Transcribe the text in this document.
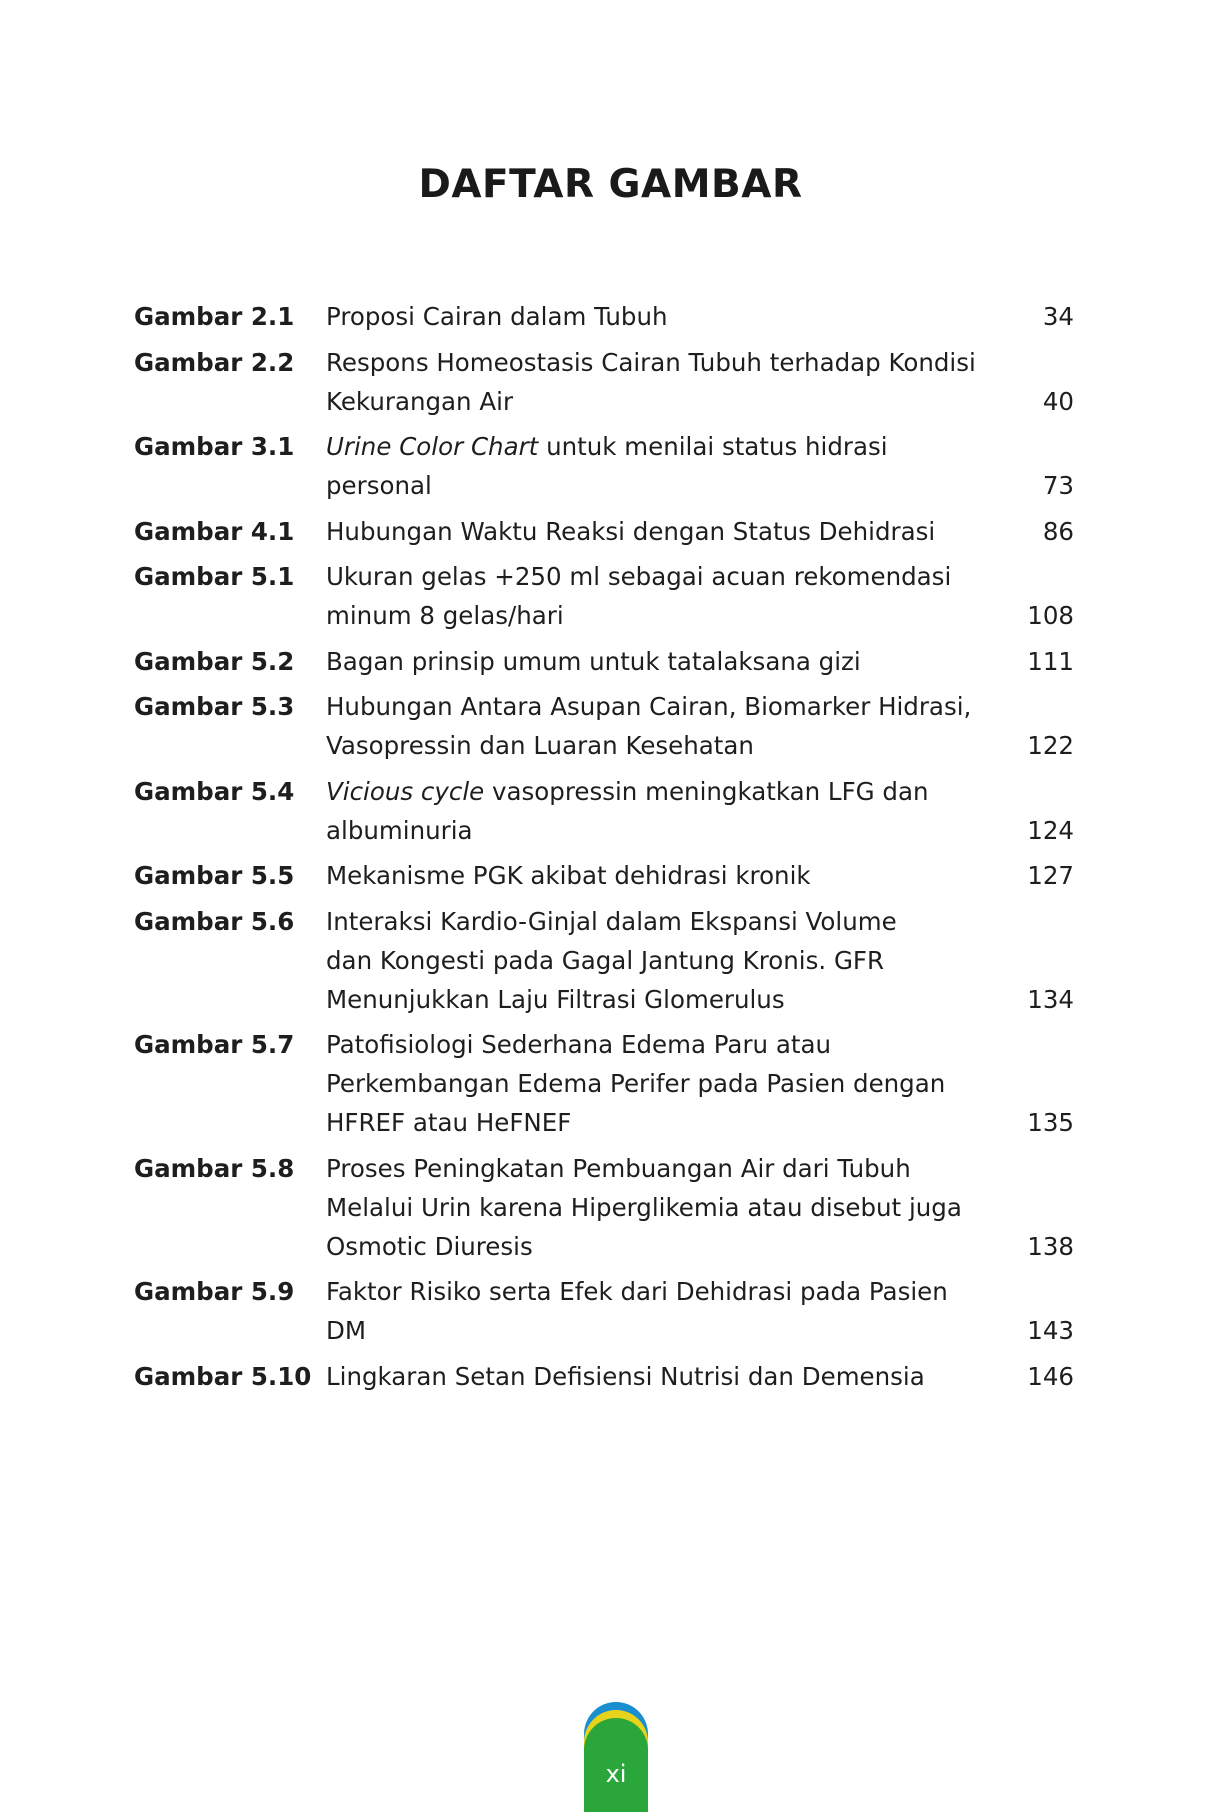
DAFTAR GAMBAR
Gambar 2.1	Proposi Cairan dalam Tubuh	34
Gambar 2.2	Respons Homeostasis Cairan Tubuh terhadap Kondisi
Kekurangan Air	40
Gambar 3.1	Urine Color Chart untuk menilai status hidrasi
personal	73
Gambar 4.1	Hubungan Waktu Reaksi dengan Status Dehidrasi	86
Gambar 5.1	Ukuran gelas +250 ml sebagai acuan rekomendasi
minum 8 gelas/hari	108
Gambar 5.2	Bagan prinsip umum untuk tatalaksana gizi	111
Gambar 5.3	Hubungan Antara Asupan Cairan, Biomarker Hidrasi,
Vasopressin dan Luaran Kesehatan	122
Gambar 5.4	Vicious cycle vasopressin meningkatkan LFG dan
albuminuria	124
Gambar 5.5	Mekanisme PGK akibat dehidrasi kronik	127
Gambar 5.6	Interaksi Kardio-Ginjal dalam Ekspansi Volume
dan Kongesti pada Gagal Jantung Kronis. GFR
Menunjukkan Laju Filtrasi Glomerulus	134
Gambar 5.7	Patofisiologi Sederhana Edema Paru atau
Perkembangan Edema Perifer pada Pasien dengan
HFREF atau HeFNEF	135
Gambar 5.8	Proses Peningkatan Pembuangan Air dari Tubuh
Melalui Urin karena Hiperglikemia atau disebut juga
Osmotic Diuresis	138
Gambar 5.9	Faktor Risiko serta Efek dari Dehidrasi pada Pasien
DM	143
Gambar 5.10 Lingkaran Setan Defisiensi Nutrisi dan Demensia	146
xi
